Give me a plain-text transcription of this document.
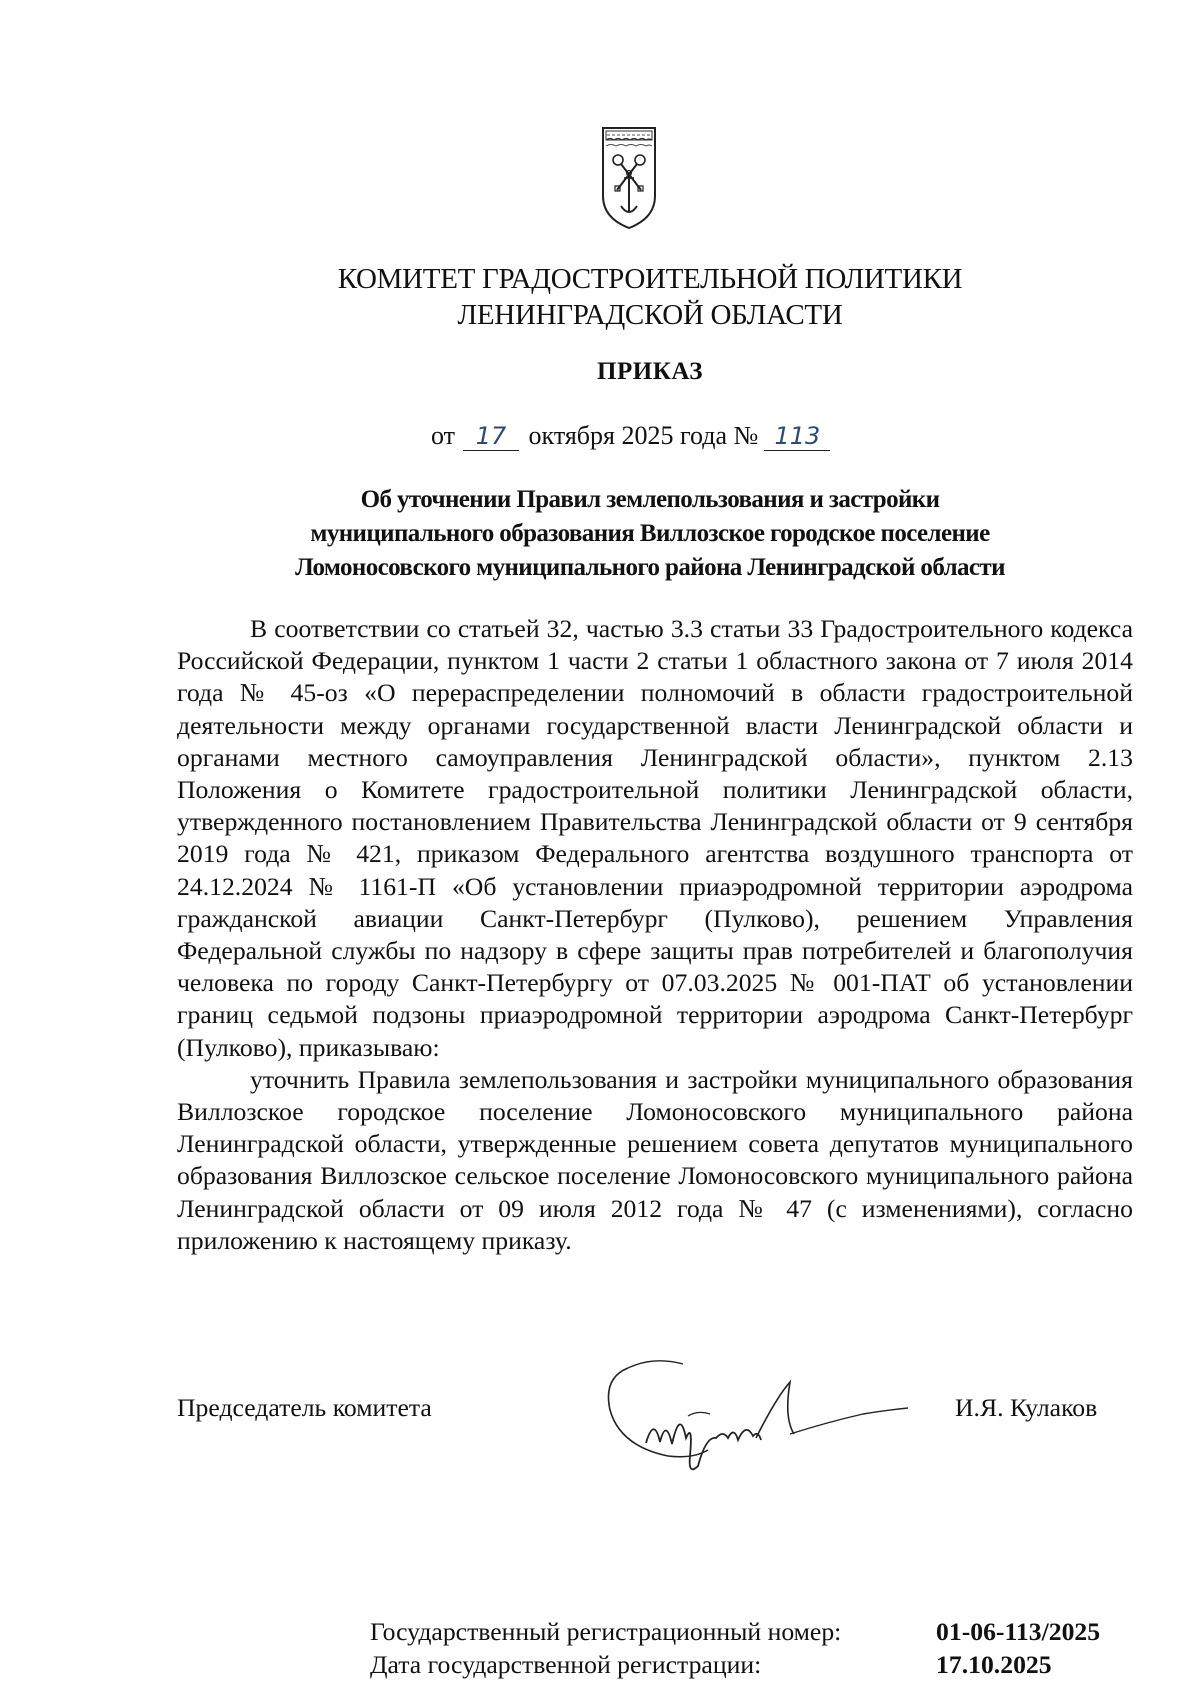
КОМИТЕТ ГРАДОСТРОИТЕЛЬНОЙ ПОЛИТИКИ
ЛЕНИНГРАДСКОЙ ОБЛАСТИ
ПРИКАЗ
от 17 октября 2025 года № 113
Об уточнении Правил землепользования и застройки
муниципального образования Виллозское городское поселение
Ломоносовского муниципального района Ленинградской области

В соответствии со статьей 32, частью 3.3 статьи 33 Градостроительного кодекса Российской Федерации, пунктом 1 части 2 статьи 1 областного закона от 7 июля 2014 года № 45-оз «О перераспределении полномочий в области градостроительной деятельности между органами государственной власти Ленинградской области и органами местного самоуправления Ленинградской области», пунктом 2.13 Положения о Комитете градостроительной политики Ленинградской области, утвержденного постановлением Правительства Ленинградской области от 9 сентября 2019 года № 421, приказом Федерального агентства воздушного транспорта от 24.12.2024 № 1161-П «Об установлении приаэродромной территории аэродрома гражданской авиации Санкт-Петербург (Пулково), решением Управления Федеральной службы по надзору в сфере защиты прав потребителей и благополучия человека по городу Санкт-Петербургу от 07.03.2025 № 001-ПАТ об установлении границ седьмой подзоны приаэродромной территории аэродрома Санкт-Петербург (Пулково), приказываю:

уточнить Правила землепользования и застройки муниципального образования Виллозское городское поселение Ломоносовского муниципального района Ленинградской области, утвержденные решением совета депутатов муниципального образования Виллозское сельское поселение Ломоносовского муниципального района Ленинградской области от 09 июля 2012 года № 47 (с изменениями), согласно приложению к настоящему приказу.

Председатель комитета	И.Я. Кулаков
Государственный регистрационный номер:	01-06-113/2025
Дата государственной регистрации:	17.10.2025
